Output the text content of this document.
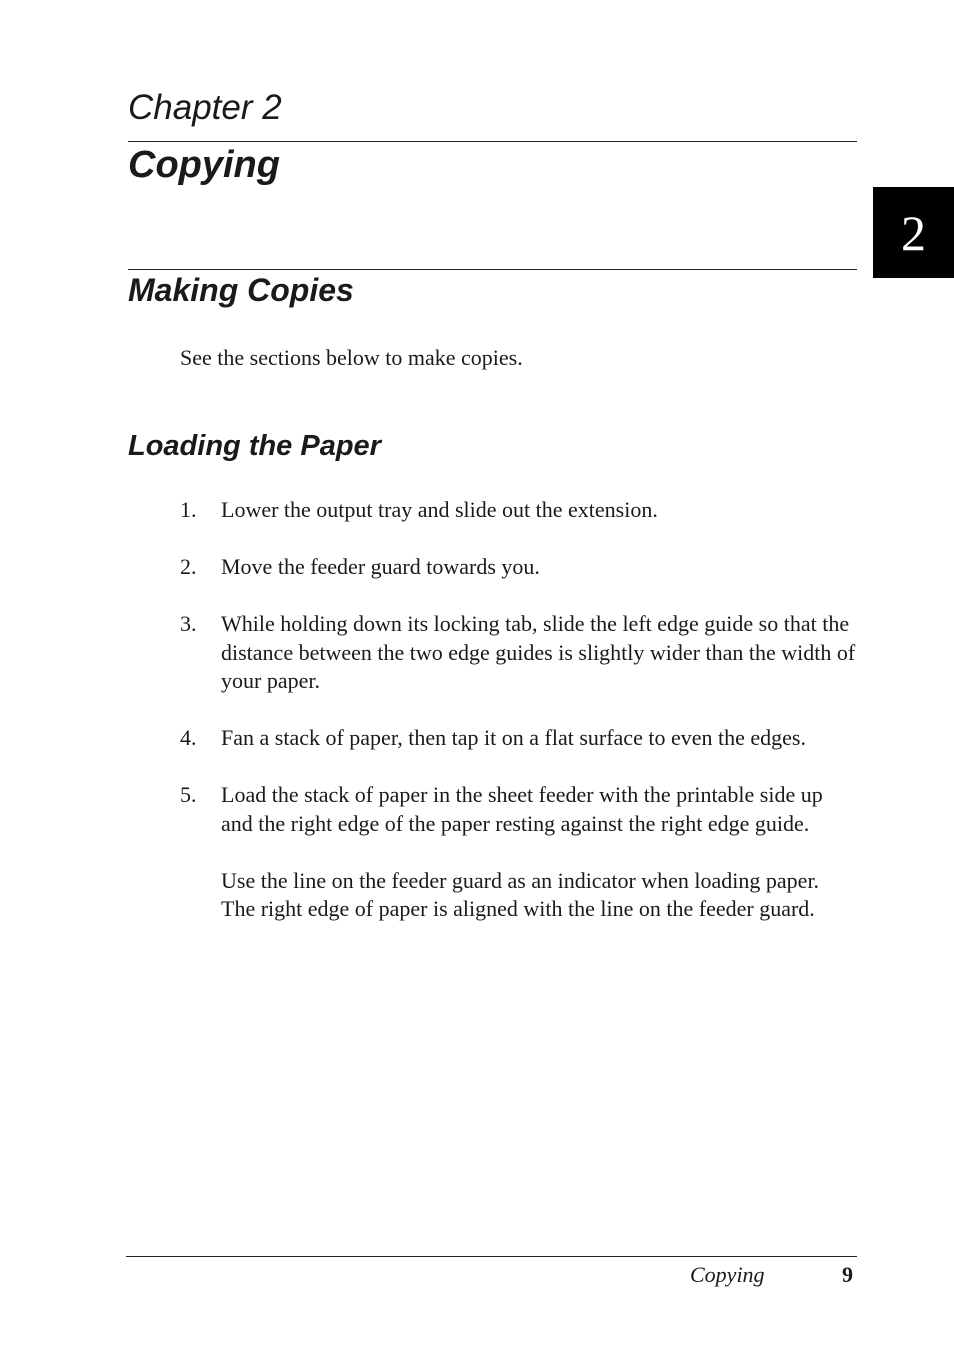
Chapter 2
Copying
2
Making Copies

See the sections below to make copies.

Loading the Paper
1.	Lower the output tray and slide out the extension.
2.	Move the feeder guard towards you.
3.	While holding down its locking tab, slide the left edge guide so that the distance between the two edge guides is slightly wider than the width of your paper.
4.	Fan a stack of paper, then tap it on a flat surface to even the edges.
5.	Load the stack of paper in the sheet feeder with the printable side up and the right edge of the paper resting against the right edge guide.
Use the line on the feeder guard as an indicator when loading paper. The right edge of paper is aligned with the line on the feeder guard.

Copying	9
